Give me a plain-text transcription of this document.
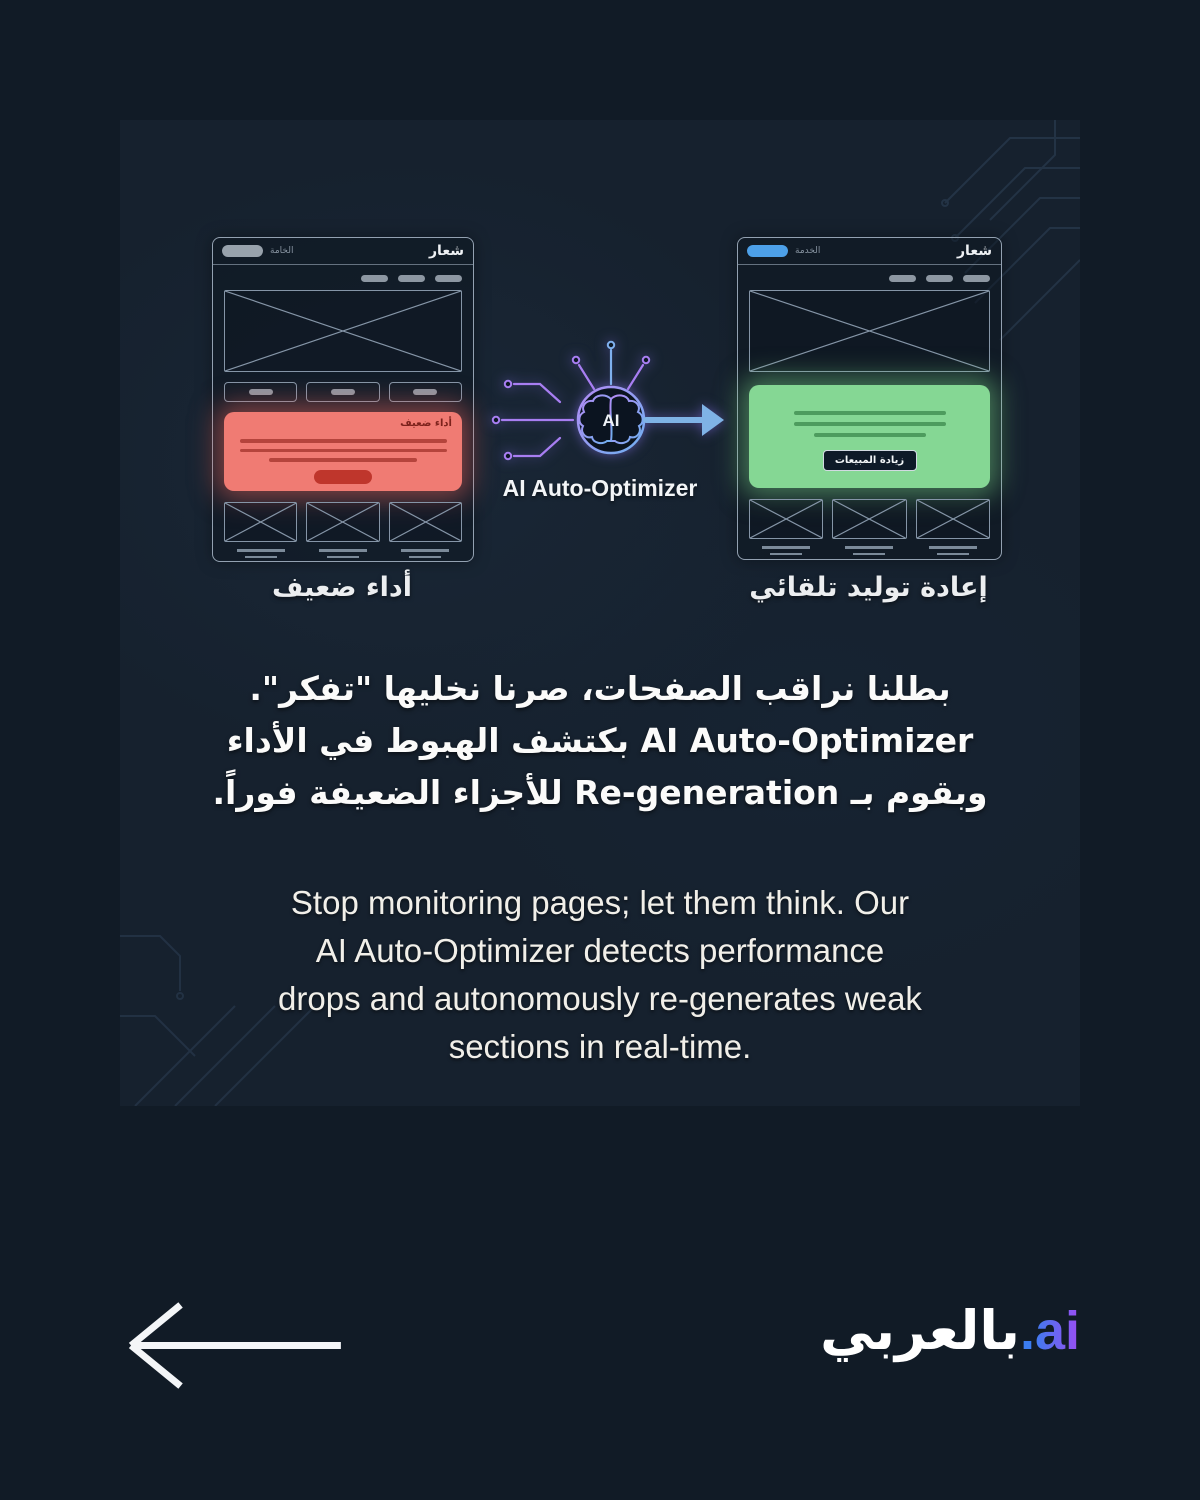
الخامة	شعار
أداء ضعيف
الخدمة	شعار
زيادة المبيعات
AI
AI Auto-Optimizer
أداء ضعيف	إعادة توليد تلقائي
بطلنا نراقب الصفحات، صرنا نخليها "تفكر".
AI Auto-Optimizer بكتشف الهبوط في الأداء
وبقوم بـ Re-generation للأجزاء الضعيفة فوراً.
Stop monitoring pages; let them think. Our
AI Auto-Optimizer detects performance
drops and autonomously re-generates weak
sections in real-time.
بالعربي . ai
